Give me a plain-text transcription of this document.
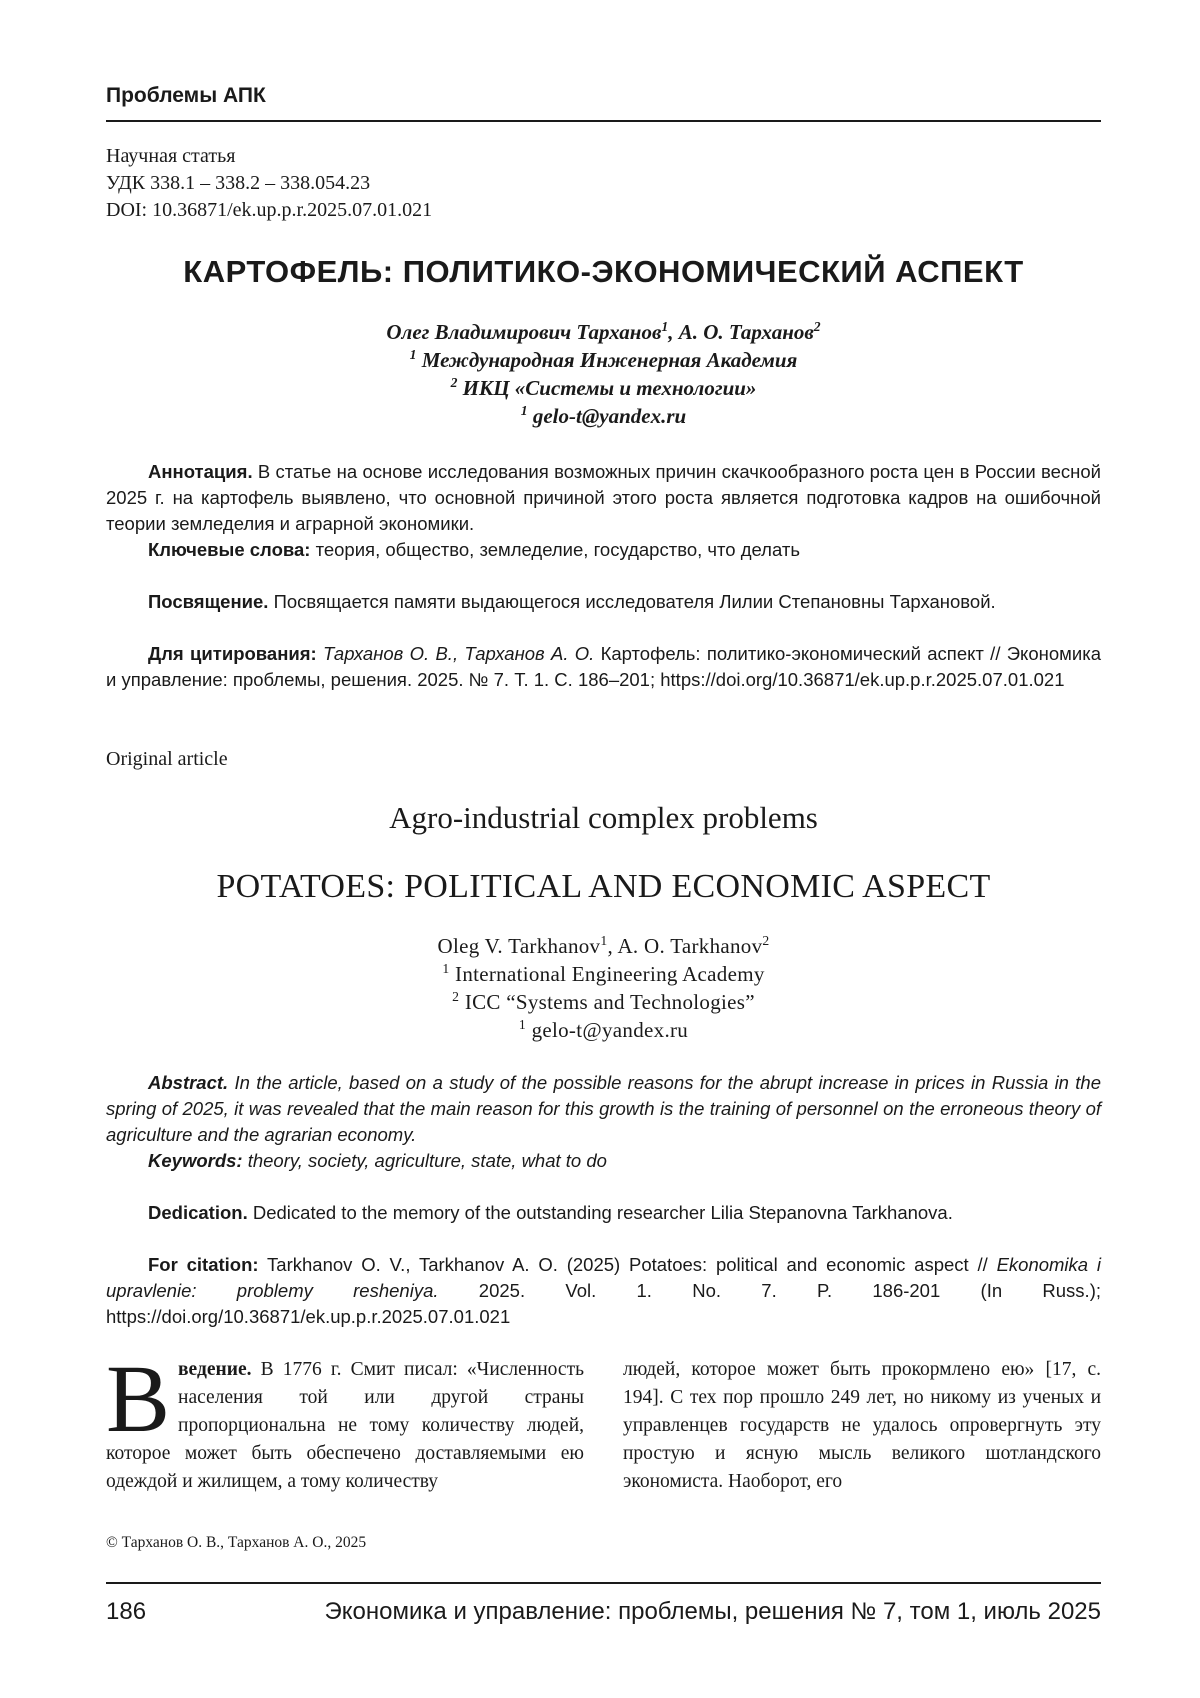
Проблемы АПК
Научная статья
УДК 338.1 – 338.2 – 338.054.23
DOI: 10.36871/ek.up.p.r.2025.07.01.021
КАРТОФЕЛЬ: ПОЛИТИКО-ЭКОНОМИЧЕСКИЙ АСПЕКТ
Олег Владимирович Тарханов$^1$, А. О. Тарханов$^2$
$^1$ Международная Инженерная Академия
$^2$ ИКЦ «Системы и технологии»
$^1$ gelo-t@yandex.ru
Аннотация. В статье на основе исследования возможных причин скачкообразного роста цен в России весной 2025 г. на картофель выявлено, что основной причиной этого роста является подготовка кадров на ошибочной теории земледелия и аграрной экономики.
Ключевые слова: теория, общество, земледелие, государство, что делать
Посвящение. Посвящается памяти выдающегося исследователя Лилии Степановны Тархановой.
Для цитирования: Тарханов О. В., Тарханов А. О. Картофель: политико-экономический аспект // Экономика и управление: проблемы, решения. 2025. № 7. Т. 1. С. 186–201; https://doi.org/10.36871/ek.up.p.r.2025.07.01.021
Original article
Agro-industrial complex problems
POTATOES: POLITICAL AND ECONOMIC ASPECT
Oleg V. Tarkhanov$^1$, A. O. Tarkhanov$^2$
$^1$ International Engineering Academy
$^2$ ICC “Systems and Technologies”
$^1$ gelo-t@yandex.ru
Abstract. In the article, based on a study of the possible reasons for the abrupt increase in prices in Russia in the spring of 2025, it was revealed that the main reason for this growth is the training of personnel on the erroneous theory of agriculture and the agrarian economy.
Keywords: theory, society, agriculture, state, what to do
Dedication. Dedicated to the memory of the outstanding researcher Lilia Stepanovna Tarkhanova.
For citation: Tarkhanov O. V., Tarkhanov A. O. (2025) Potatoes: political and economic aspect // Ekonomika i upravlenie: problemy resheniya. 2025. Vol. 1. No. 7. P. 186-201 (In Russ.); https://doi.org/10.36871/ek.up.p.r.2025.07.01.021
Введение. В 1776 г. Смит писал: «Численность населения той или другой страны пропорциональна не тому количеству людей, которое может быть обеспечено доставляемыми ею одеждой и жилищем, а тому количеству
людей, которое может быть прокормлено ею» [17, с. 194]. С тех пор прошло 249 лет, но никому из ученых и управленцев государств не удалось опровергнуть эту простую и ясную мысль великого шотландского экономиста. Наоборот, его
© Тарханов О. В., Тарханов А. О., 2025
186	Экономика и управление: проблемы, решения № 7, том 1, июль 2025
